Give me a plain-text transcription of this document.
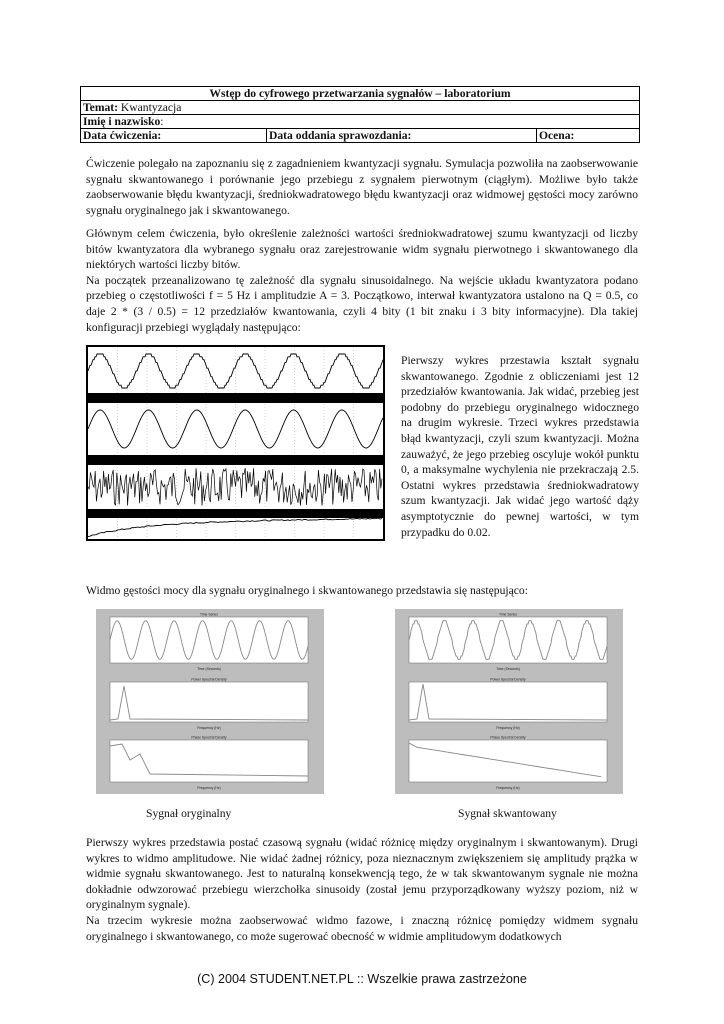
Wstęp do cyfrowego przetwarzania sygnałów – laboratorium
Temat: Kwantyzacja
Imię i nazwisko:
Data ćwiczenia:	Data oddania sprawozdania:	Ocena:

Ćwiczenie polegało na zapoznaniu się z zagadnieniem kwantyzacji sygnału. Symulacja pozwoliła na zaobserwowanie sygnału skwantowanego i porównanie jego przebiegu z sygnałem pierwotnym (ciągłym). Możliwe było także zaobserwowanie błędu kwantyzacji, średniokwadratowego błędu kwantyzacji oraz widmowej gęstości mocy zarówno sygnału oryginalnego jak i skwantowanego.

Głównym celem ćwiczenia, było określenie zależności wartości średniokwadratowej szumu kwantyzacji od liczby bitów kwantyzatora dla wybranego sygnału oraz zarejestrowanie widm sygnału pierwotnego i skwantowanego dla niektórych wartości liczby bitów.

Na początek przeanalizowano tę zależność dla sygnału sinusoidalnego. Na wejście układu kwantyzatora podano przebieg o częstotliwości f = 5 Hz i amplitudzie A = 3. Początkowo, interwał kwantyzatora ustalono na Q = 0.5, co daje 2 * (3 / 0.5) = 12 przedziałów kwantowania, czyli 4 bity (1 bit znaku i 3 bity informacyjne). Dla takiej konfiguracji przebiegi wyglądały następująco:

Pierwszy wykres przestawia kształt sygnału skwantowanego. Zgodnie z obliczeniami jest 12 przedziałów kwantowania. Jak widać, przebieg jest podobny do przebiegu oryginalnego widocznego na drugim wykresie. Trzeci wykres przedstawia błąd kwantyzacji, czyli szum kwantyzacji. Można zauważyć, że jego przebieg oscyluje wokół punktu 0, a maksymalne wychylenia nie przekraczają 2.5. Ostatni wykres przedstawia średniokwadratowy szum kwantyzacji. Jak widać jego wartość dąży asymptotycznie do pewnej wartości, w tym przypadku do 0.02.

Widmo gęstości mocy dla sygnału oryginalnego i skwantowanego przedstawia się następująco:

Time Series
Time (Seconds)
Power Spectral Density
Frequency (Hz)
Phase Spectral Density
Frequency (Hz)
Time Series
Time (Seconds)
Power Spectral Density
Frequency (Hz)
Phase Spectral Density
Frequency (Hz)
Sygnał oryginalny	Sygnał skwantowany

Pierwszy wykres przedstawia postać czasową sygnału (widać różnicę między oryginalnym i skwantowanym). Drugi wykres to widmo amplitudowe. Nie widać żadnej różnicy, poza nieznacznym zwiększeniem się amplitudy prążka w widmie sygnału skwantowanego. Jest to naturalną konsekwencją tego, że w tak skwantowanym sygnale nie można dokładnie odwzorować przebiegu wierzchołka sinusoidy (został jemu przyporządkowany wyższy poziom, niż w oryginalnym sygnale).

Na trzecim wykresie można zaobserwować widmo fazowe, i znaczną różnicę pomiędzy widmem sygnału oryginalnego i skwantowanego, co może sugerować obecność w widmie amplitudowym dodatkowych

(C) 2004 STUDENT.NET.PL :: Wszelkie prawa zastrzeżone
